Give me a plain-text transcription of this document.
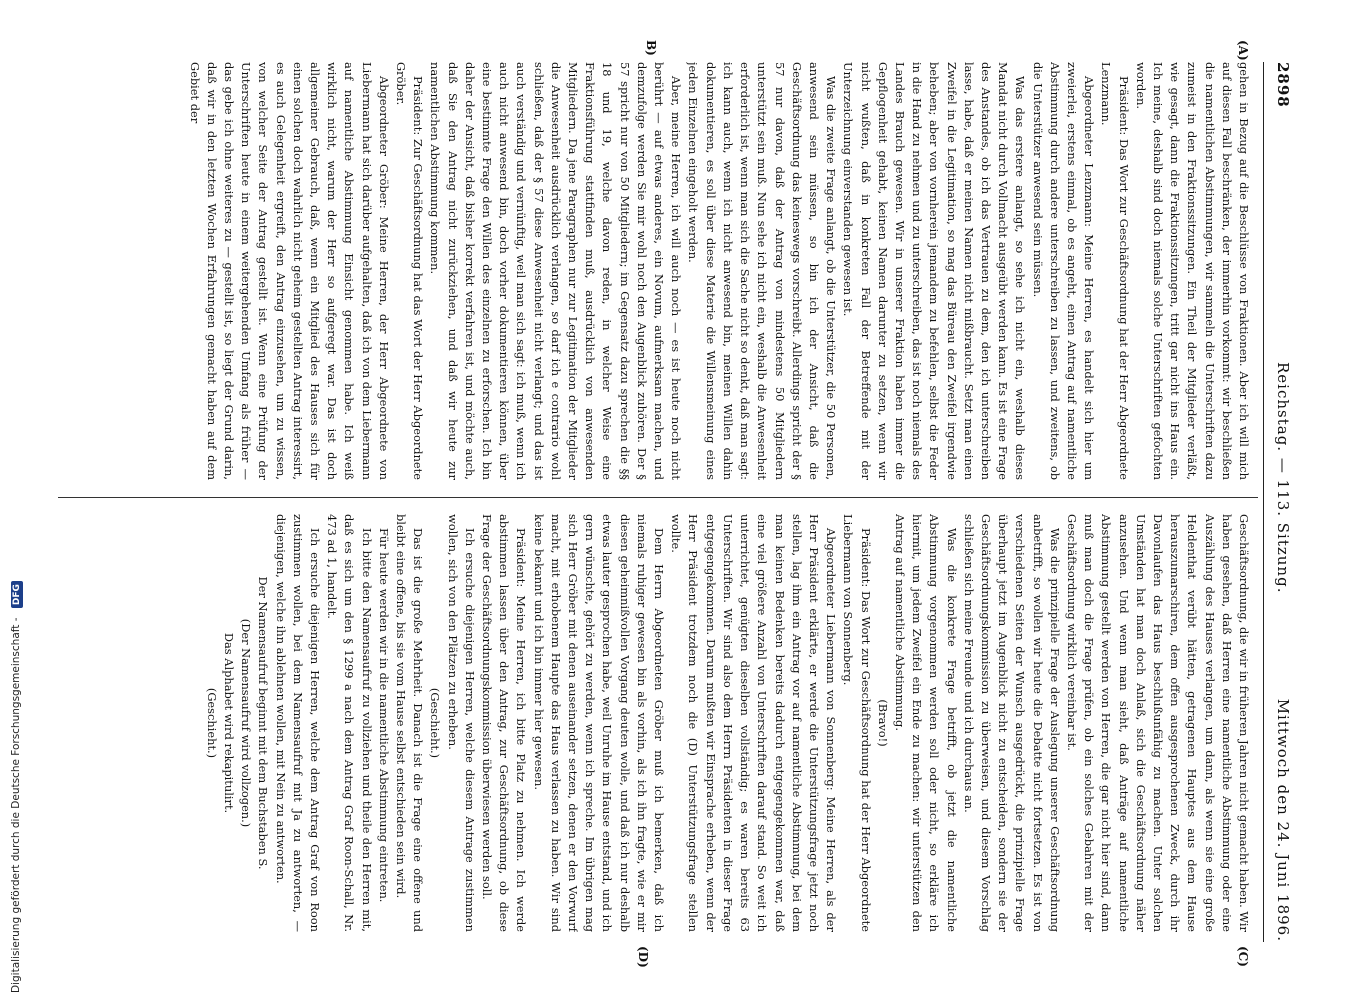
2898
Reichstag. — 113. Sitzung.
Mittwoch den 24. Juni 1896.
(A)
B)
(C)
(D)

gehen in Bezug auf die Beschlüsse von Fraktionen. Aber ich will mich auf diesen Fall beschränken, der immerhin vorkommt: wir beschließen die namentlichen Abstimmungen, wir sammeln die Unterschriften dazu zumeist in den Fraktionssitzungen. Ein Theil der Mitglieder verläßt, wie gesagt, dann die Fraktionssitzungen, tritt gar nicht ins Haus ein. Ich meine, deshalb sind doch niemals solche Unterschriften gefochten worden.

Präsident: Das Wort zur Geschäftsordnung hat der Herr Abgeordnete Lenzmann.

Abgeordneter Lenzmann: Meine Herren, es handelt sich hier um zweierlei, erstens einmal, ob es angeht, einen Antrag auf namentliche Abstimmung durch andere unterschreiben zu lassen, und zweitens, ob die Unterstützer anwesend sein müssen.

Was das erstere anlangt, so sehe ich nicht ein, weshalb dieses Mandat nicht durch Vollmacht ausgeübt werden kann. Es ist eine Frage des Anstandes, ob ich das Vertrauen zu dem, den ich unterschreiben lasse, habe, daß er meinen Namen nicht mißbraucht. Setzt man einen Zweifel in die Legitimation, so mag das Büreau den Zweifel irgendwie beheben; aber von vornherein jemandem zu befehlen, selbst die Feder in die Hand zu nehmen und zu unterschreiben, das ist noch niemals des Landes Brauch gewesen. Wir in unserer Fraktion haben immer die Gepflogenheit gehabt, keinen Namen darunter zu setzen, wenn wir nicht wußten, daß in konkreten Fall der Betreffende mit der Unterzeichnung einverstanden gewesen ist.

Was die zweite Frage anlangt, ob die Unterstützer, die 50 Personen, anwesend sein müssen, so bin ich der Ansicht, daß die Geschäftsordnung das keineswegs vorschreibt. Allerdings spricht der § 57 nur davon, daß der Antrag von mindestens 50 Mitgliedern unterstützt sein muß. Nun sehe ich nicht ein, weshalb die Anwesenheit erforderlich ist, wenn man sich die Sache nicht so denkt, daß man sagt: ich kann auch, wenn ich nicht anwesend bin, meinen Willen dahin dokumentieren, es soll über diese Materie die Willensmeinung eines jeden Einzelnen eingeholt werden.

Aber, meine Herren, ich will auch noch — es ist heute noch nicht berührt — auf etwas anderes, ein Novum, aufmerksam machen, und demzufolge werden Sie mir wohl noch den Augenblick zuhören. Der § 57 spricht nur von 50 Mitgliedern; im Gegensatz dazu sprechen die §§ 18 und 19, welche davon reden, in welcher Weise eine Fraktionsführung stattfinden muß, ausdrücklich von anwesenden Mitgliedern. Da jene Paragraphen nur zur Legitimation der Mitglieder die Anwesenheit ausdrücklich verlangen, so darf ich e contrario wohl schließen, daß der § 57 diese Anwesenheit nicht verlangt; und das ist auch verständig und vernünftig, weil man sich sagt: ich muß, wenn ich auch nicht anwesend bin, doch vorher dokumentieren können, über eine bestimmte Frage den Willen des einzelnen zu erforschen. Ich bin daher der Ansicht, daß bisher korrekt verfahren ist, und möchte auch, daß Sie den Antrag nicht zurückziehen, und daß wir heute zur namentlichen Abstimmung kommen.

Präsident: Zur Geschäftsordnung hat das Wort der Herr Abgeordnete Gröber.

Abgeordneter Gröber: Meine Herren, der Herr Abgeordnete von Liebermann hat sich darüber aufgehalten, daß ich von dem Liebermann auf namentliche Abstimmung Einsicht genommen habe. Ich weiß wirklich nicht, warum der Herr so aufgeregt war. Das ist doch allgemeiner Gebrauch, daß, wenn ein Mitglied des Hauses sich für einen solchen doch wahrlich nicht geheim gestellten Antrag interessirt, es auch Gelegenheit ergreift, den Antrag einzusehen, um zu wissen, von welcher Seite der Antrag gestellt ist. Wenn eine Prüfung der Unterschriften heute in einem weitergehenden Umfang als früher — das gebe ich ohne weiteres zu — gestellt ist, so liegt der Grund darin, daß wir in den letzten Wochen Erfahrungen gemacht haben auf dem Gebiet der

Geschäftsordnung, die wir in früheren Jahren nicht gemacht haben. Wir haben gesehen, daß Herren eine namentliche Abstimmung oder eine Auszählung des Hauses verlangen, um dann, als wenn sie eine große Heldenthat verübt hätten, getragenen Hauptes aus dem Hause herauszumarschiren, dem offen ausgesprochenen Zweck, durch ihr Davonlaufen das Haus beschlußunfähig zu machen. Unter solchen Umständen hat man doch Anlaß, sich die Geschäftsordnung näher anzusehen. Und wenn man sieht, daß Anträge auf namentliche Abstimmung gestellt werden von Herren, die gar nicht hier sind, dann muß man doch die Frage prüfen, ob ein solches Gebahren mit der Geschäftsordnung wirklich vereinbar ist.

Was die prinzipielle Frage der Auslegung unserer Geschäftsordnung anbetrifft, so wollen wir heute die Debatte nicht fortsetzen. Es ist von verschiedenen Seiten der Wunsch ausgedrückt, die prinzipielle Frage überhaupt jetzt im Augenblick nicht zu entscheiden, sondern sie der Geschäftsordnungskommission zu überweisen, und diesem Vorschlag schließen sich meine Freunde und ich durchaus an.

Was die konkrete Frage betrifft, ob jetzt die namentliche Abstimmung vorgenommen werden soll oder nicht, so erkläre ich hiermit, um jedem Zweifel ein Ende zu machen: wir unterstützen den Antrag auf namentliche Abstimmung.

(Bravo!)

Präsident: Das Wort zur Geschäftsordnung hat der Herr Abgeordnete Liebermann von Sonnenberg.

Abgeordneter Liebermann von Sonnenberg: Meine Herren, als der Herr Präsident erklärte, er werde die Unterstützungsfrage jetzt noch stellen, lag ihm ein Antrag vor auf namentliche Abstimmung, bei dem man keinen Bedenken bereits dadurch entgegengekommen war, daß eine viel größere Anzahl von Unterschriften darauf stand. So weit ich unterrichtet, genügten dieselben vollständig; es waren bereits 63 Unterschriften. Wir sind also dem Herrn Präsidenten in dieser Frage entgegengekommen. Darum mußten wir Einsprache erheben, wenn der Herr Präsident trotzdem noch die (D) Unterstützungsfrage stellen wollte.

Dem Herrn Abgeordneten Gröber muß ich bemerken, daß ich niemals ruhiger gewesen bin als vorhin, als ich ihn fragte, wie er mir diesen geheimnißvollen Vorgang deuten wolle, und daß ich nur deshalb etwas lauter gesprochen habe, weil Unruhe im Hause entstand, und ich gern wünschte, gehört zu werden, wenn ich spreche. Im übrigen mag sich Herr Gröber mit denen auseinander setzen, denen er den Vorwurf macht, mit erhobenem Haupte das Haus verlassen zu haben. Wir sind keine bekannt und ich bin immer hier gewesen.

Präsident: Meine Herren, ich bitte Platz zu nehmen. Ich werde abstimmen lassen über den Antrag, zur Geschäftsordnung, ob diese Frage der Geschäftsordnungskommission überwiesen werden soll.

Ich ersuche diejenigen Herren, welche diesem Antrage zustimmen wollen, sich von den Plätzen zu erheben.

(Geschieht.)

Das ist die große Mehrheit. Danach ist die Frage eine offene und bleibt eine offene, bis sie vom Hause selbst entschieden sein wird.

Für heute werden wir in die namentliche Abstimmung eintreten.

Ich bitte den Namensaufruf zu vollziehen und theile den Herren mit, daß es sich um den § 1299 a nach dem Antrag Graf Roon-Schall, Nr. 473 ad 1, handelt.

Ich ersuche diejenigen Herren, welche dem Antrag Graf von Roon zustimmen wollen, bei dem Namensaufruf mit Ja zu antworten, — diejenigen, welche ihn ablehnen wollen, mit Nein zu antworten.

Der Namensaufruf beginnt mit dem Buchstaben S.

(Der Namensaufruf wird vollzogen.)

Das Alphabet wird rekapitulirt.

(Geschieht.)

Digitalisierung gefördert durch die Deutsche Forschungsgemeinschaft - DFG
